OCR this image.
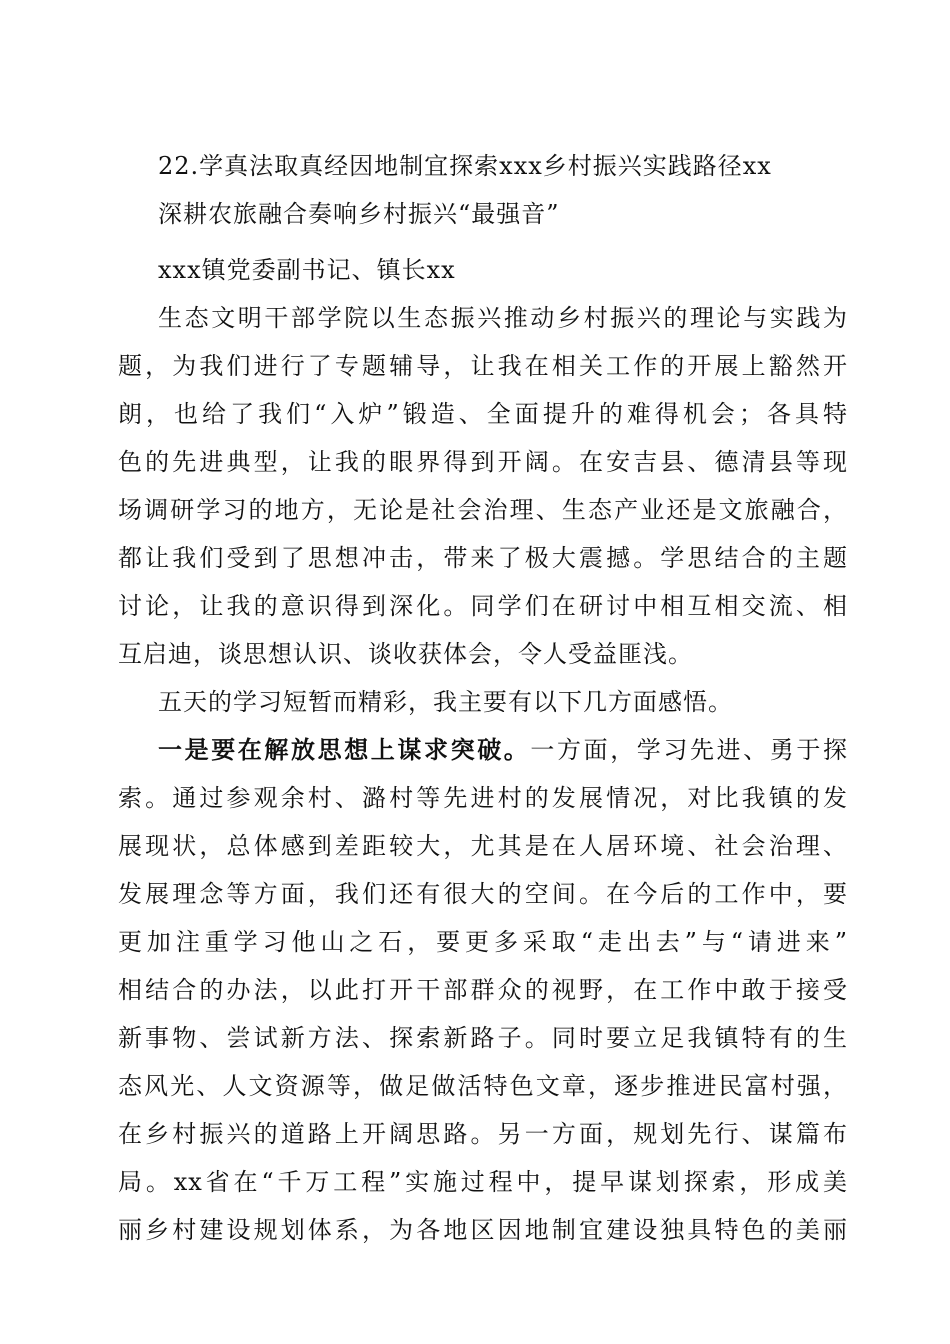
22.学真法取真经因地制宜探索xxx乡村振兴实践路径xx
深耕农旅融合奏响乡村振兴“最强音”
xxx镇党委副书记、镇长xx
生态文明干部学院以生态振兴推动乡村振兴的理论与实践为
题，为我们进行了专题辅导，让我在相关工作的开展上豁然开
朗，也给了我们“入炉”锻造、全面提升的难得机会；各具特
色的先进典型，让我的眼界得到开阔。在安吉县、德清县等现
场调研学习的地方，无论是社会治理、生态产业还是文旅融合，
都让我们受到了思想冲击，带来了极大震撼。学思结合的主题
讨论，让我的意识得到深化。同学们在研讨中相互相交流、相
互启迪，谈思想认识、谈收获体会，令人受益匪浅。
五天的学习短暂而精彩，我主要有以下几方面感悟。
一是要在解放思想上谋求突破。一方面，学习先进、勇于探
索。通过参观余村、潞村等先进村的发展情况，对比我镇的发
展现状，总体感到差距较大，尤其是在人居环境、社会治理、
发展理念等方面，我们还有很大的空间。在今后的工作中，要
更加注重学习他山之石，要更多采取“走出去”与“请进来”
相结合的办法，以此打开干部群众的视野，在工作中敢于接受
新事物、尝试新方法、探索新路子。同时要立足我镇特有的生
态风光、人文资源等，做足做活特色文章，逐步推进民富村强，
在乡村振兴的道路上开阔思路。另一方面，规划先行、谋篇布
局。xx省在“千万工程”实施过程中，提早谋划探索，形成美
丽乡村建设规划体系，为各地区因地制宜建设独具特色的美丽
